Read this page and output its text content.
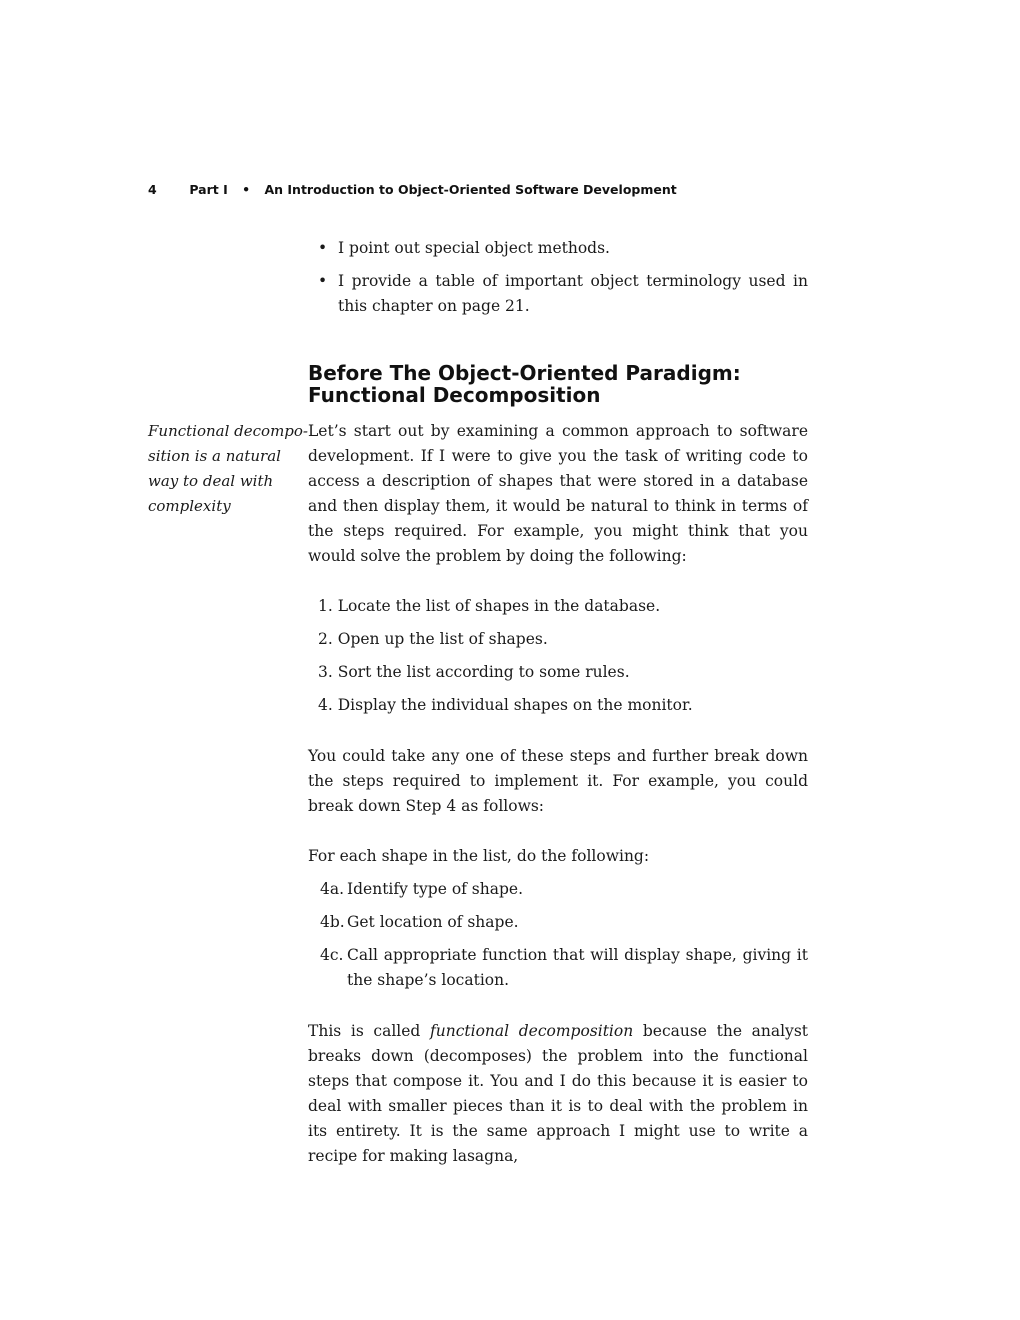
4	Part I • An Introduction to Object-Oriented Software Development
• I point out special object methods.
• I provide a table of important object terminology used in this chapter on page 21.
Before The Object-Oriented Paradigm:
Functional Decomposition
Functional decompo-
sition is a natural
way to deal with
complexity
Let’s start out by examining a common approach to software development. If I were to give you the task of writing code to access a description of shapes that were stored in a database and then display them, it would be natural to think in terms of the steps required. For example, you might think that you would solve the problem by doing the following:
1. Locate the list of shapes in the database.
2. Open up the list of shapes.
3. Sort the list according to some rules.
4. Display the individual shapes on the monitor.
You could take any one of these steps and further break down the steps required to implement it. For example, you could break down Step 4 as follows:
For each shape in the list, do the following:
4a. Identify type of shape.
4b. Get location of shape.
4c. Call appropriate function that will display shape, giving it the shape’s location.
This is called functional decomposition because the analyst breaks down (decomposes) the problem into the functional steps that compose it. You and I do this because it is easier to deal with smaller pieces than it is to deal with the problem in its entirety. It is the same approach I might use to write a recipe for making lasagna,
